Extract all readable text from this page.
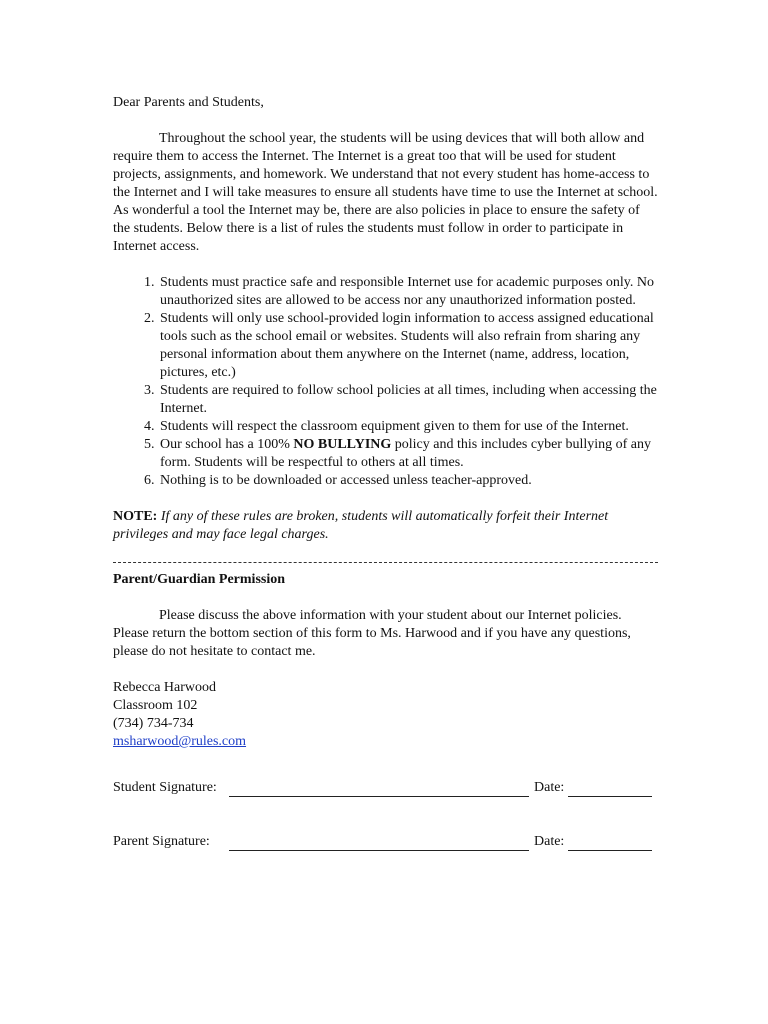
Dear Parents and Students,

Throughout the school year, the students will be using devices that will both allow and require them to access the Internet. The Internet is a great too that will be used for student projects, assignments, and homework. We understand that not every student has home-access to the Internet and I will take measures to ensure all students have time to use the Internet at school. As wonderful a tool the Internet may be, there are also policies in place to ensure the safety of the students. Below there is a list of rules the students must follow in order to participate in Internet access.

1. Students must practice safe and responsible Internet use for academic purposes only. No unauthorized sites are allowed to be access nor any unauthorized information posted.
2. Students will only use school-provided login information to access assigned educational tools such as the school email or websites. Students will also refrain from sharing any personal information about them anywhere on the Internet (name, address, location, pictures, etc.)
3. Students are required to follow school policies at all times, including when accessing the Internet.
4. Students will respect the classroom equipment given to them for use of the Internet.
5. Our school has a 100% NO BULLYING policy and this includes cyber bullying of any form. Students will be respectful to others at all times.
6. Nothing is to be downloaded or accessed unless teacher-approved.

NOTE: If any of these rules are broken, students will automatically forfeit their Internet privileges and may face legal charges.

Parent/Guardian Permission

Please discuss the above information with your student about our Internet policies. Please return the bottom section of this form to Ms. Harwood and if you have any questions, please do not hesitate to contact me.

Rebecca Harwood

Classroom 102

(734) 734-734

msharwood@rules.com

Student Signature:	Date:
Parent Signature:	Date:
